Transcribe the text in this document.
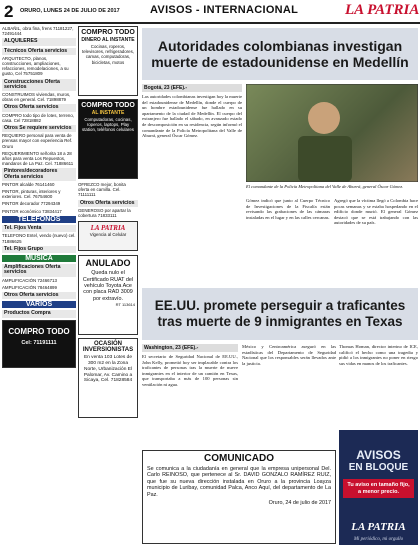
2 ORURO, LUNES 24 DE JULIO DE 2017	AVISOS - INTERNACIONAL	LA PATRIA

ALBAÑIL, obra fina, frens 71181227, 72491444

ALQUILERES
Técnicos Oferta servicios

ARQUITECTO, planos, construcciones, ampliaciones, refacciones, remodelaciones, a su gusto, Cel 75751809

Construcciones Oferta servicios

CONSTRUIMOS viviendas, muros, obras en general. Cel. 71898879

Otros Oferta servicios

COMPRO todo tipo de lotes, terreno, casa. Cel 72818882

Otros Se requiere servicios

REQUIERO personal para venta de prensas mayor con experiencia Ref. Oruro

REQUERIMIENTO señorita 18 a 28 años para venta Los Repuestos, mandaros de La Paz. Cel. 71886611

Pintores/decoradores Oferta servicios

PINTOR alcalde 76141460

PINTOR, pinturas, interiores y exteriores. Cel. 76754600

PINTOR decorador 77294349

PINTOR económico 73834417

TELEFONOS
Tel. Fijos Venta

TELEFONO Entel, vendo (nuevo) cel. 71886625

Tel. Fijos Grupo
MÚSICA
Amplificaciones Oferta servicios

AMPLIFICACIÓN 72466713

AMPLIFICACIÓN 78464899

Otros Oferta servicios
VARIOS
Productos Compra
COMPRO TODO
Cel: 71191111
COMPRO TODO
DINERO AL INSTANTE
Cocinas, roperos, televisores, refrigeradores, camas, computadoras, bicicletas, motos
COMPRO TODO
AL INSTANTE
Computadoras, cocinas, roperos, laptops, Play station, teléfonos celulares

OFREZCO mejor, bonita oferta en camilla. Cel. 71111111

Otros Oferta servicios

GENEROSO por apartar la cobertura 71833111

LA PATRIA
Vigencia al Celular
ANULADO
Queda nulo el Certificado RUAT del vehículo Toyota Ace con placa RAD 3009 por extravío.
RT 113614
OCASIÓN INVERSIONISTAS
En venta 103 Lotes de 300 m2 en la Zona Norte, Urbanización El Palomar, Av. Camino a Sicaya, Cel. 71828584
Autoridades colombianas investigan muerte de estadounidense en Medellín
Bogotá, 23 (EFE).-
Las autoridades colombianas investigan hoy la muerte del estadounidense de Medellín, donde el cuerpo de un hombre estadounidense fue hallado en su apartamento de la ciudad de Medellín. El cuerpo del extranjero fue hallado el sábado, en avanzado estado de descomposición en su residencia, según informó el comandante de la Policía Metropolitana del Valle de Aburrá, general Óscar Gómez.
El comandante de la Policía Metropolitana del Valle de Aburrá, general Óscar Gómez.
Gómez indicó que junto al Cuerpo Técnico de Investigaciones de la Fiscalía están revisando las grabaciones de las cámaras instaladas en el lugar y en las calles cercanas.
Agregó que la víctima llegó a Colombia hace pocas semanas y se estaba hospedando en el edificio donde murió. El general Gómez destacó que se está trabajando con las autoridades de su país.
EE.UU. promete perseguir a traficantes tras muerte de 9 inmigrantes en Texas
Washington, 23 (EFE).-
El secretario de Seguridad Nacional de EE.UU., John Kelly, prometió hoy ser implacable contra los traficantes de personas tras la muerte de nueve inmigrantes en el interior de un camión en Texas, que transportaba a más de 100 personas sin ventilación ni agua.
México y Centroamérica aseguró en las estadísticas del Departamento de Seguridad Nacional que los responsables serán llevados ante la justicia.
Thomas Homan, director interino de ICE, calificó el hecho como una tragedia y pidió a los inmigrantes no poner en riesgo sus vidas en manos de los traficantes.
COMUNICADO
Se comunica a la ciudadanía en general que la empresa unipersonal Del. Carlo REINOSO, que pertenece al Sr. DAVID GONZALO RAMÍREZ RUIZ, que fue su nueva dirección instalada en Oruro a la provincia Loayza municipio de Luribay, comunidad Palca, Anco Aquí, del departamento de La Paz.
Oruro, 24 de julio de 2017
AVISOS
EN BLOQUE
Tu aviso en tamaño fijo, a menor precio.
LA PATRIA
Mi periódico, mi orgullo
